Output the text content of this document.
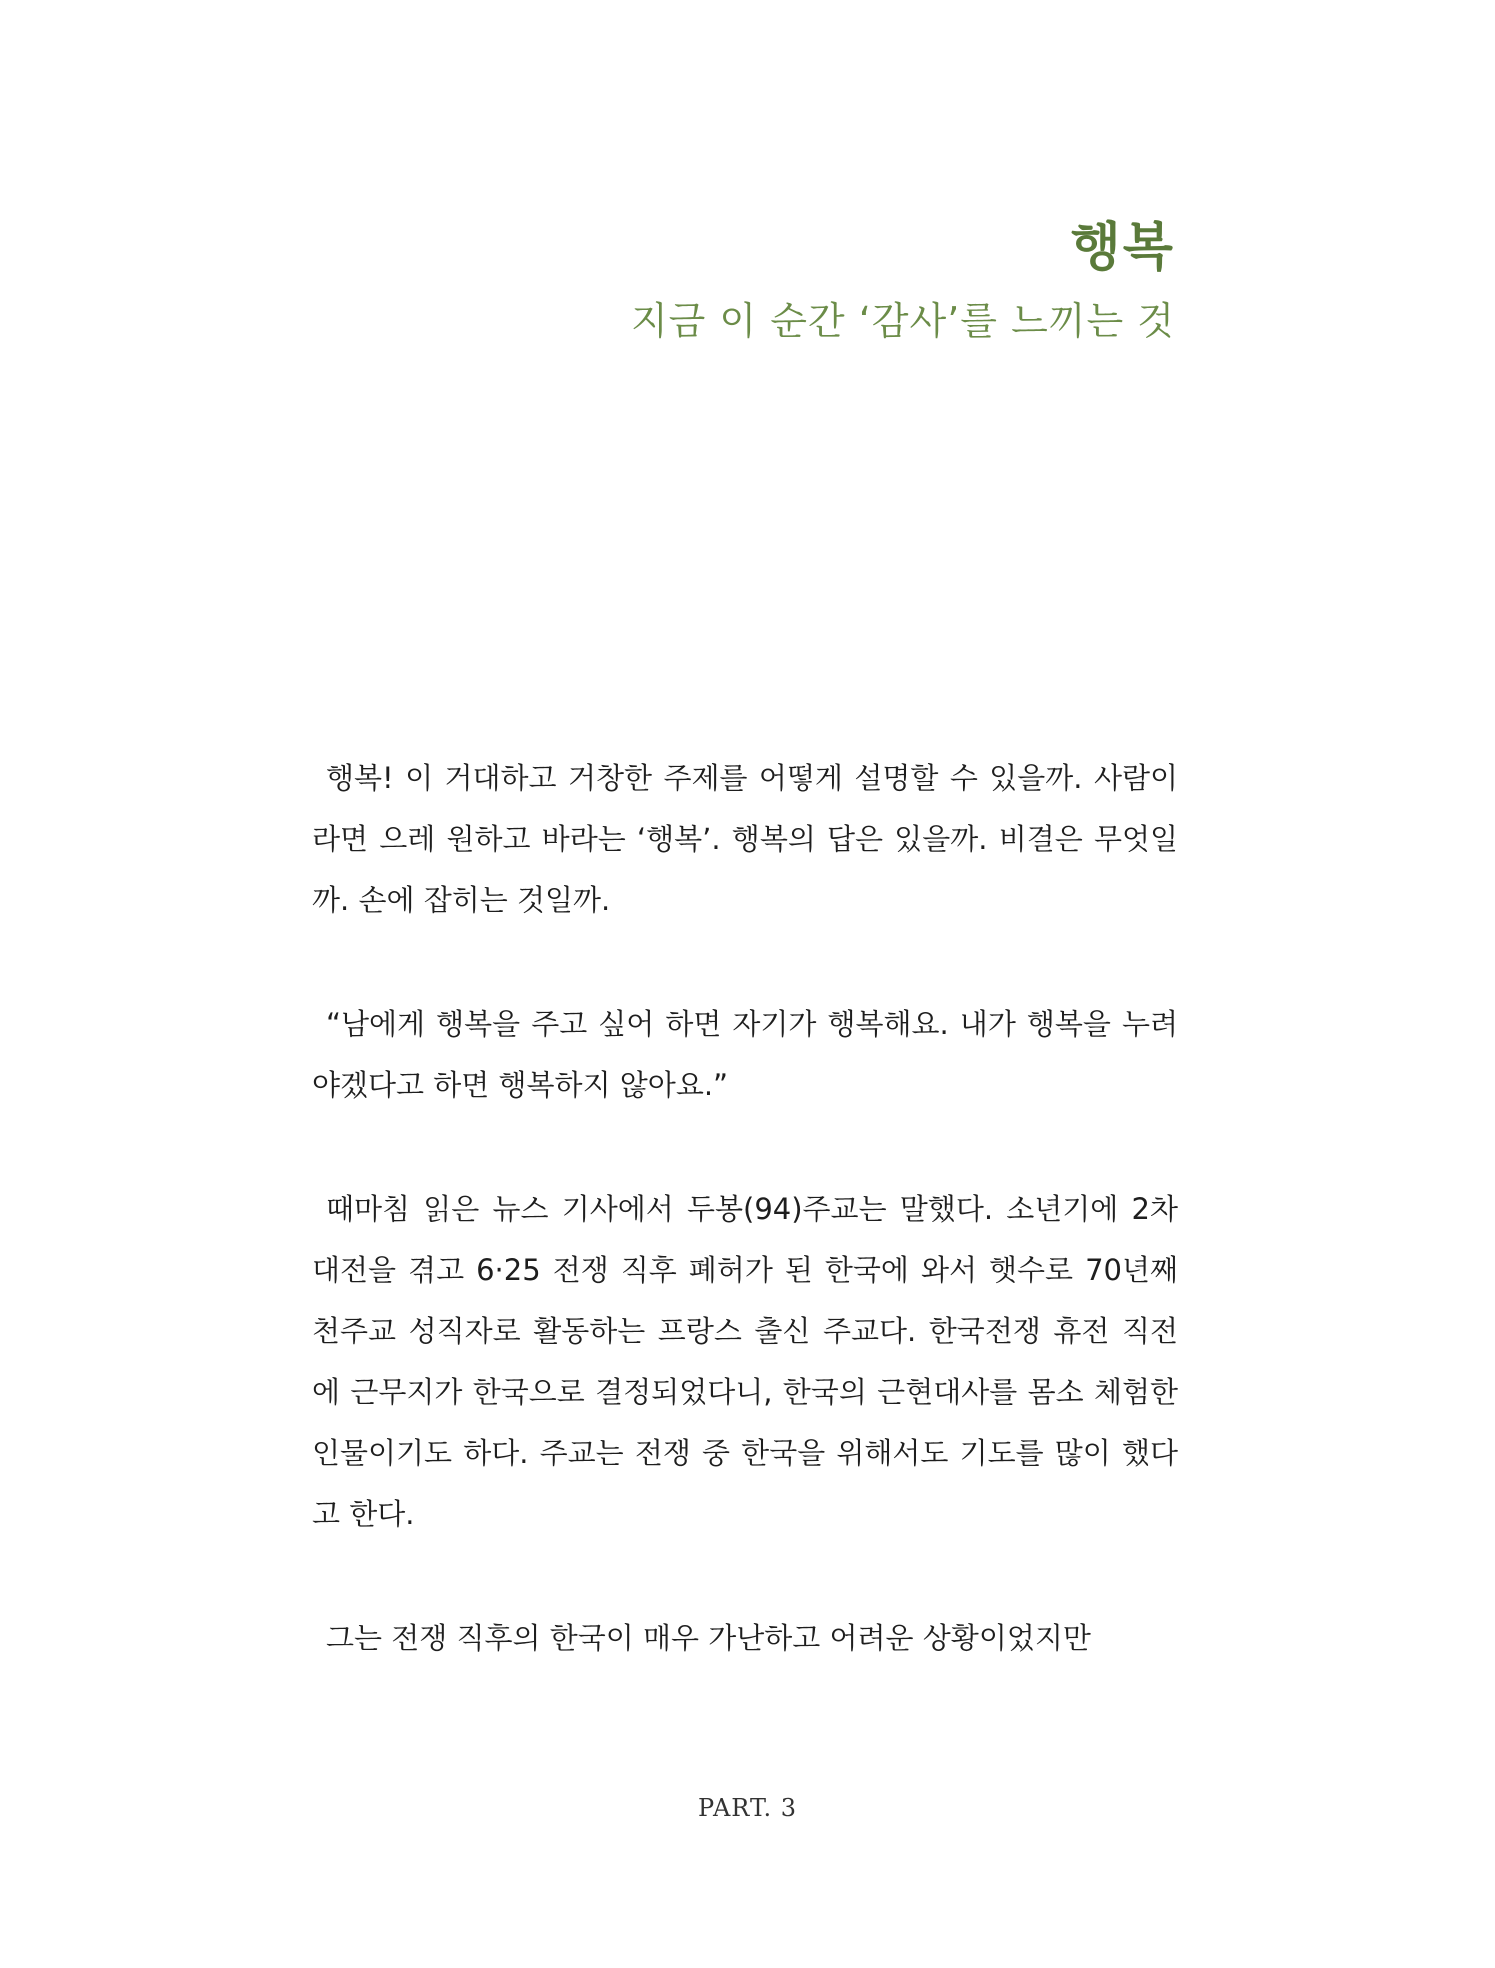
행복
지금 이 순간 ‘감사’를 느끼는 것

행복! 이 거대하고 거창한 주제를 어떻게 설명할 수 있을까. 사람이라면 으레 원하고 바라는 ‘행복’. 행복의 답은 있을까. 비결은 무엇일까. 손에 잡히는 것일까.

“남에게 행복을 주고 싶어 하면 자기가 행복해요. 내가 행복을 누려야겠다고 하면 행복하지 않아요.”

때마침 읽은 뉴스 기사에서 두봉(94)주교는 말했다. 소년기에 2차 대전을 겪고 6·25 전쟁 직후 폐허가 된 한국에 와서 햇수로 70년째 천주교 성직자로 활동하는 프랑스 출신 주교다. 한국전쟁 휴전 직전에 근무지가 한국으로 결정되었다니, 한국의 근현대사를 몸소 체험한 인물이기도 하다. 주교는 전쟁 중 한국을 위해서도 기도를 많이 했다고 한다.

그는 전쟁 직후의 한국이 매우 가난하고 어려운 상황이었지만

PART. 3
